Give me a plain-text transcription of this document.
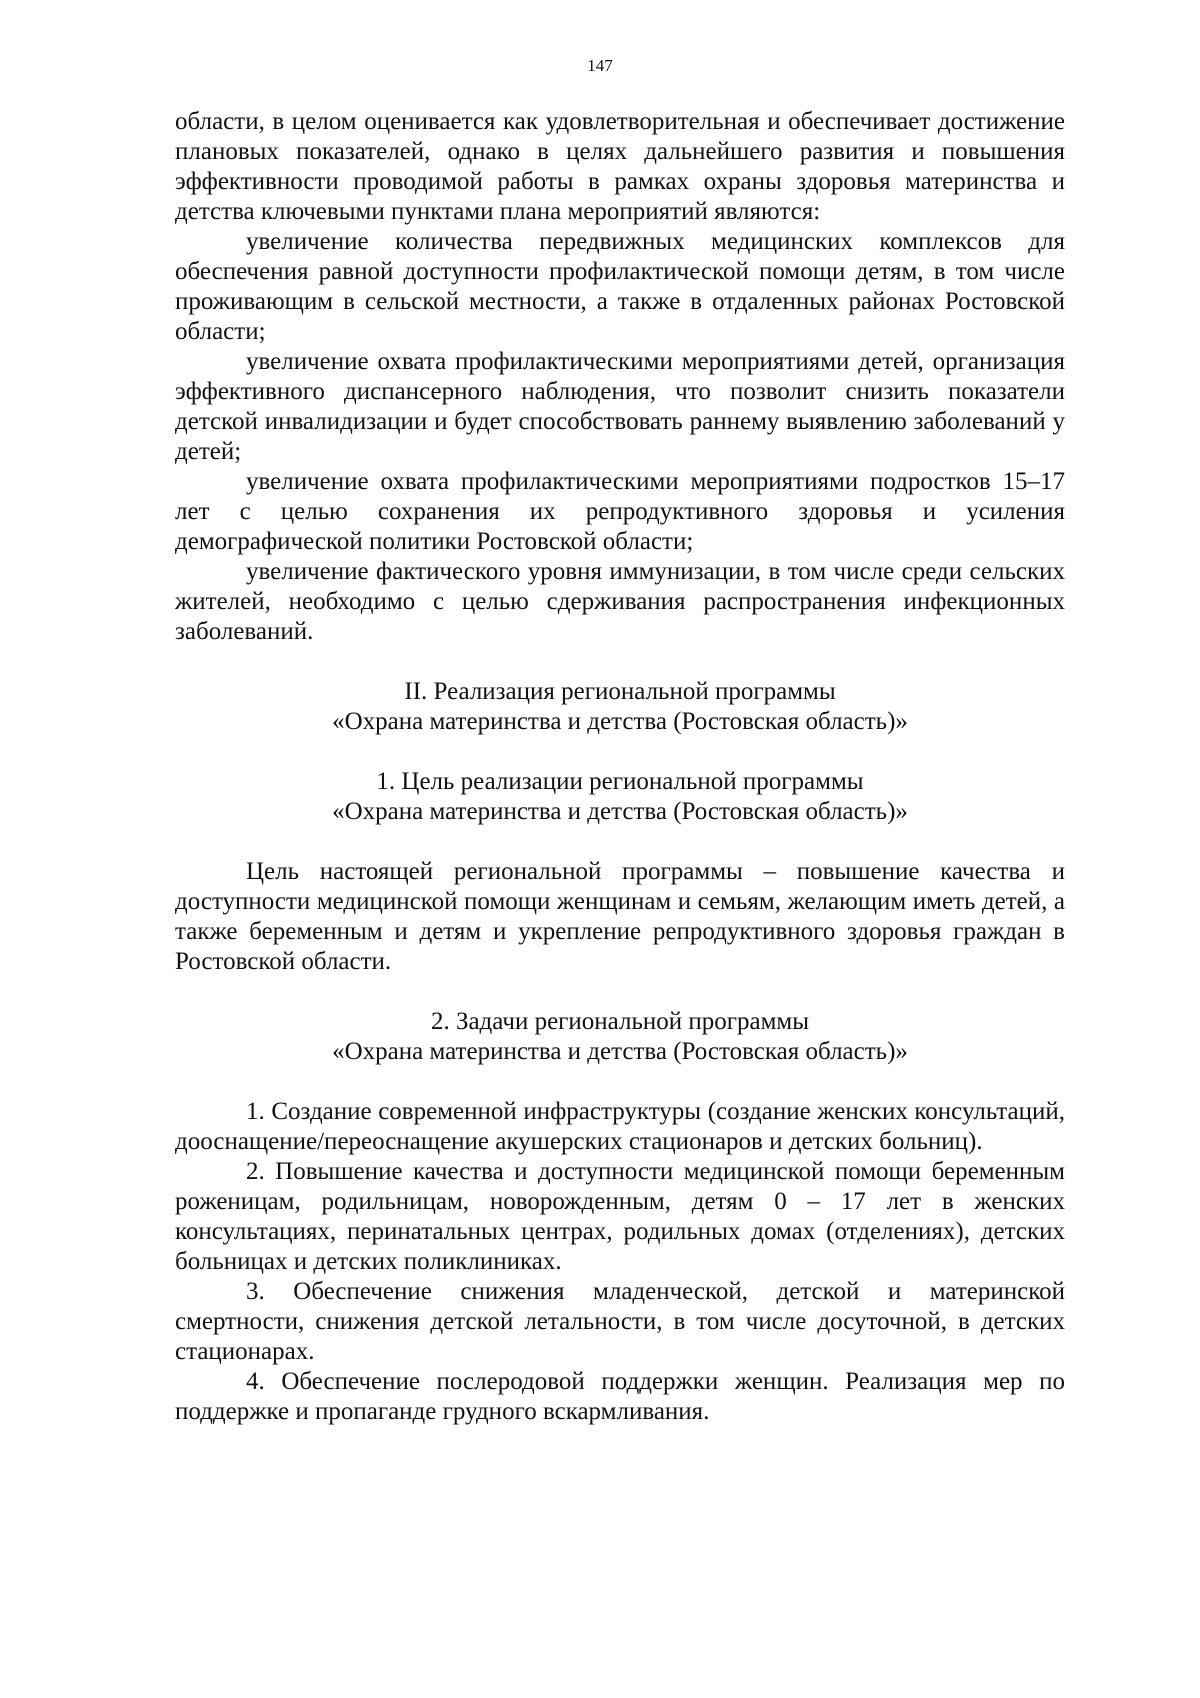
147

области, в целом оценивается как удовлетворительная и обеспечивает достижение плановых показателей, однако в целях дальнейшего развития и повышения эффективности проводимой работы в рамках охраны здоровья материнства и детства ключевыми пунктами плана мероприятий являются:

увеличение количества передвижных медицинских комплексов для обеспечения равной доступности профилактической помощи детям, в том числе проживающим в сельской местности, а также в отдаленных районах Ростовской области;

увеличение охвата профилактическими мероприятиями детей, организация эффективного диспансерного наблюдения, что позволит снизить показатели детской инвалидизации и будет способствовать раннему выявлению заболеваний у детей;

увеличение охвата профилактическими мероприятиями подростков 15–17 лет с целью сохранения их репродуктивного здоровья и усиления демографической политики Ростовской области;

увеличение фактического уровня иммунизации, в том числе среди сельских жителей, необходимо с целью сдерживания распространения инфекционных заболеваний.

II. Реализация региональной программы
«Охрана материнства и детства (Ростовская область)»
1. Цель реализации региональной программы
«Охрана материнства и детства (Ростовская область)»

Цель настоящей региональной программы – повышение качества и доступности медицинской помощи женщинам и семьям, желающим иметь детей, а также беременным и детям и укрепление репродуктивного здоровья граждан в Ростовской области.

2. Задачи региональной программы
«Охрана материнства и детства (Ростовская область)»

1. Создание современной инфраструктуры (создание женских консультаций, дооснащение/переоснащение акушерских стационаров и детских больниц).

2. Повышение качества и доступности медицинской помощи беременным роженицам, родильницам, новорожденным, детям 0 – 17 лет в женских консультациях, перинатальных центрах, родильных домах (отделениях), детских больницах и детских поликлиниках.

3. Обеспечение снижения младенческой, детской и материнской смертности, снижения детской летальности, в том числе досуточной, в детских стационарах.

4. Обеспечение послеродовой поддержки женщин. Реализация мер по поддержке и пропаганде грудного вскармливания.
